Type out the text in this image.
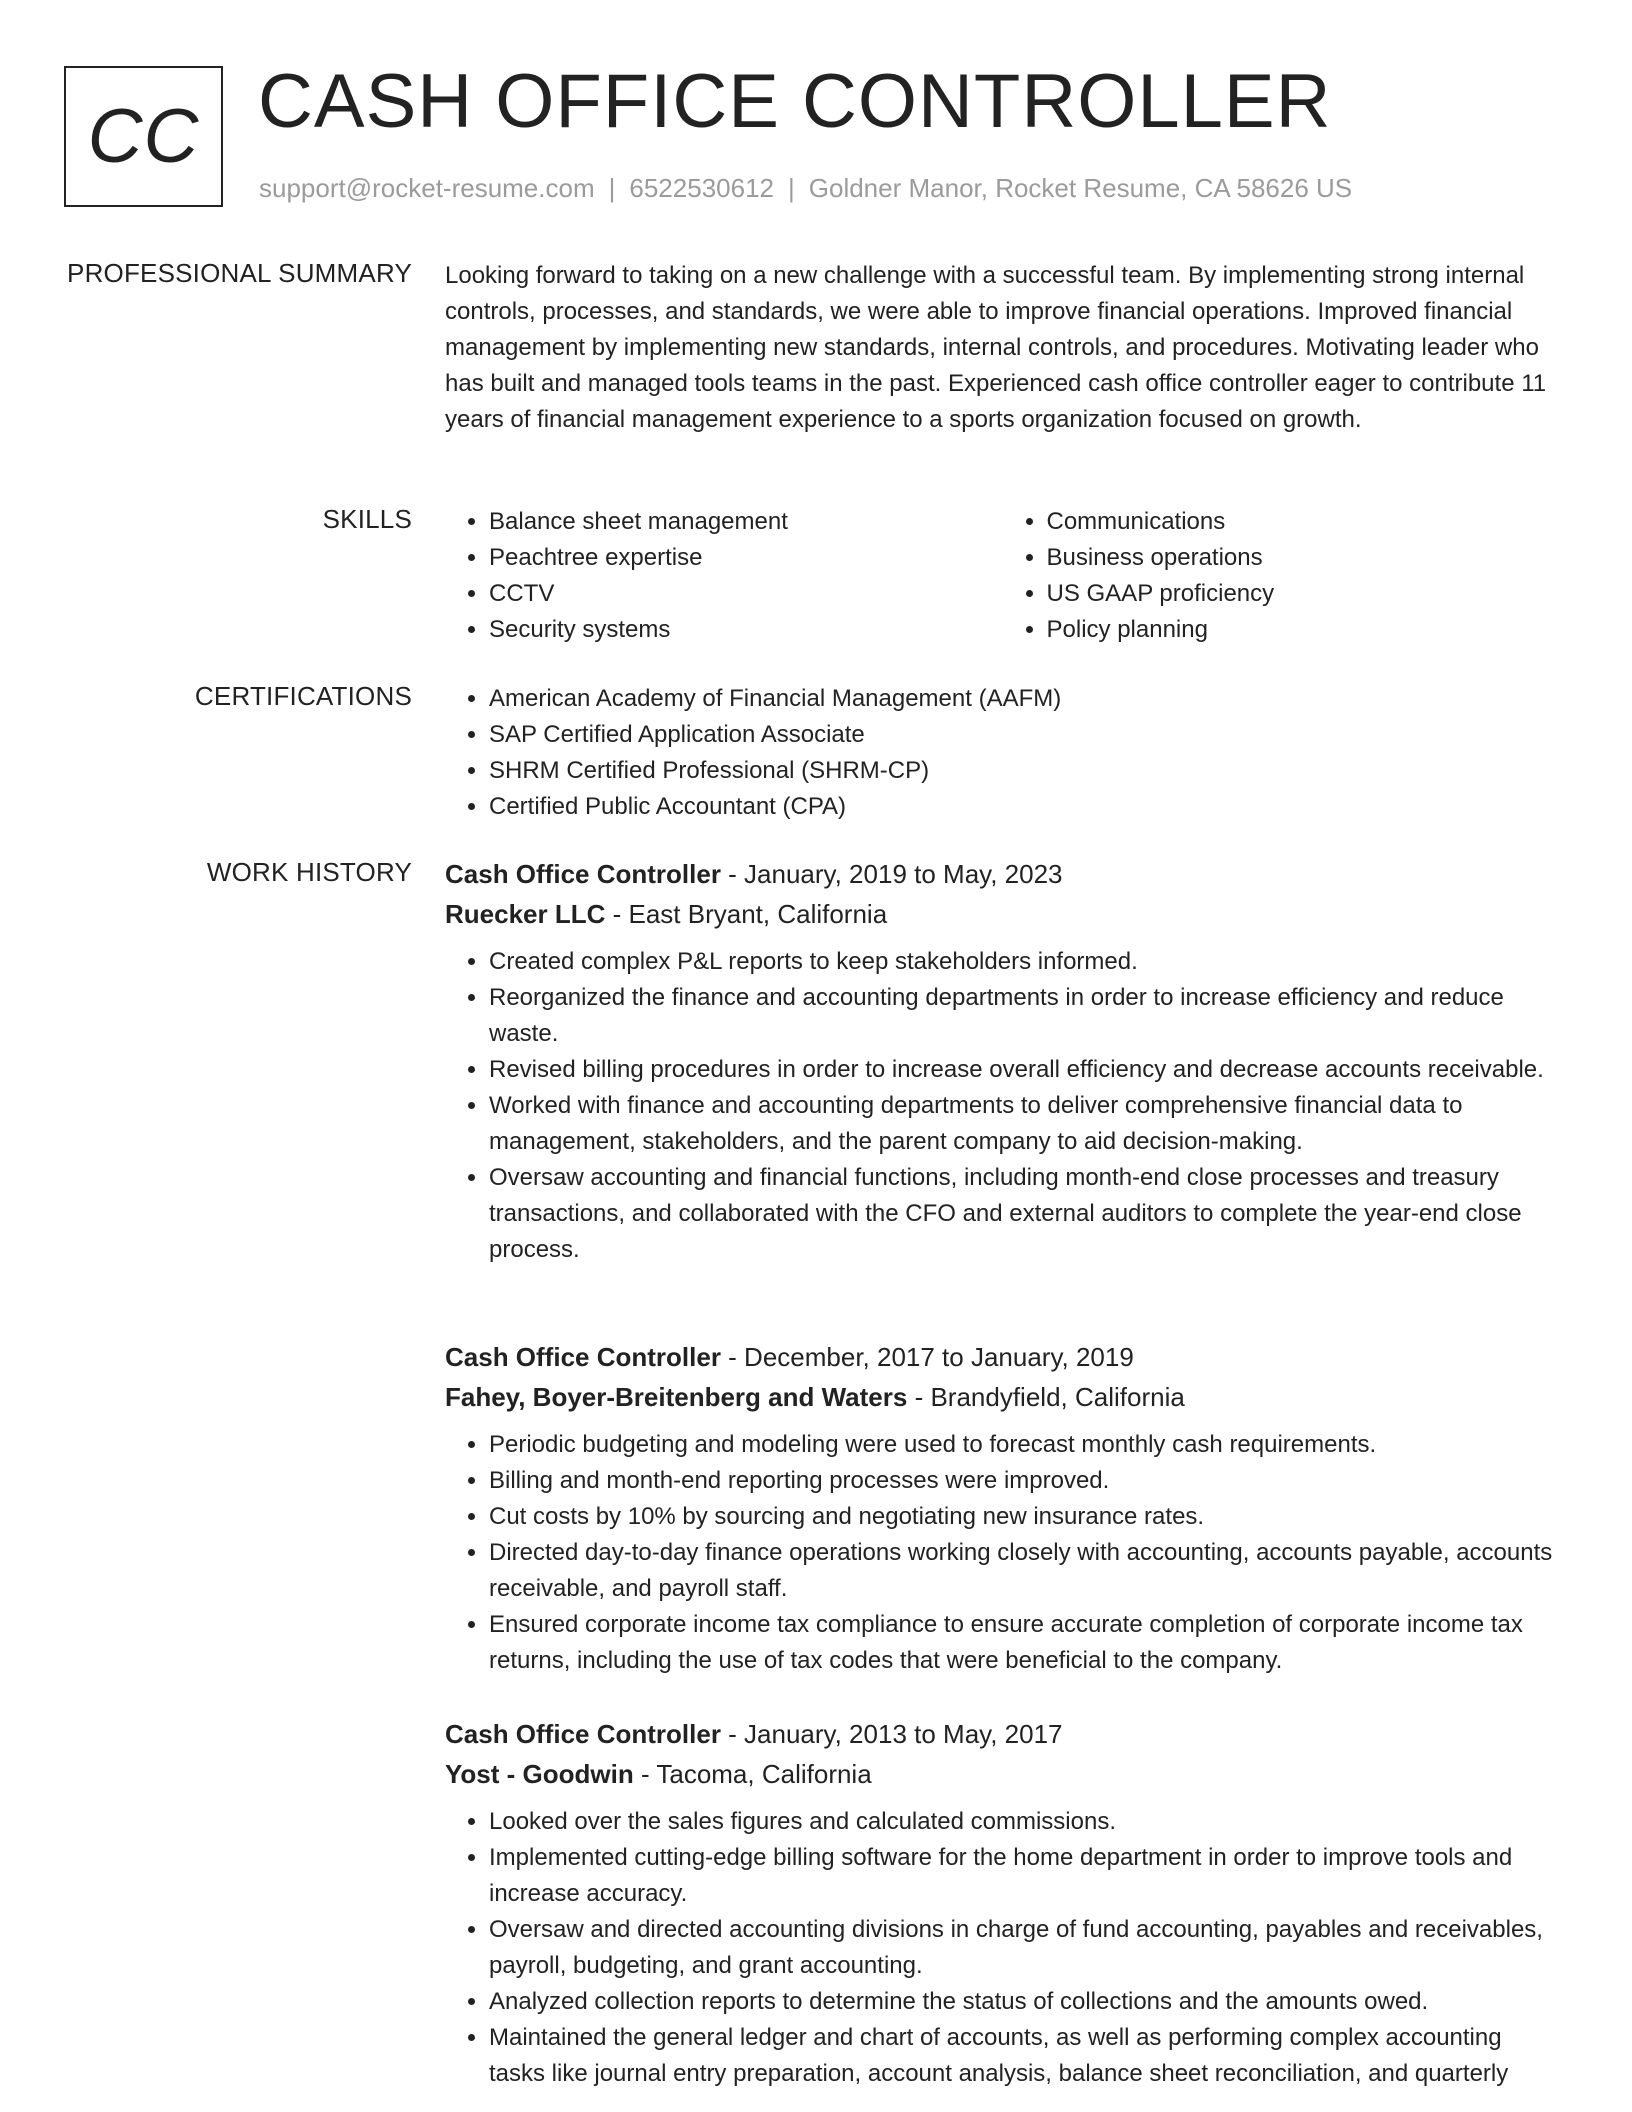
CC CASH OFFICE CONTROLLER
support@rocket-resume.com | 6522530612 | Goldner Manor, Rocket Resume, CA 58626 US
PROFESSIONAL SUMMARY Looking forward to taking on a new challenge with a successful team. By implementing strong internal controls, processes, and standards, we were able to improve financial operations. Improved financial management by implementing new standards, internal controls, and procedures. Motivating leader who has built and managed tools teams in the past. Experienced cash office controller eager to contribute 11 years of financial management experience to a sports organization focused on growth.

SKILLS	• Balance sheet management
• Peachtree expertise
• CCTV
• Security systems
• Communications
• Business operations
• US GAAP proficiency
• Policy planning
CERTIFICATIONS	• American Academy of Financial Management (AAFM)
• SAP Certified Application Associate
• SHRM Certified Professional (SHRM-CP)
• Certified Public Accountant (CPA)
WORK HISTORY Cash Office Controller - January, 2019 to May, 2023
Ruecker LLC - East Bryant, California
• Created complex P&L reports to keep stakeholders informed.
• Reorganized the finance and accounting departments in order to increase efficiency and reduce waste.
• Revised billing procedures in order to increase overall efficiency and decrease accounts receivable.
• Worked with finance and accounting departments to deliver comprehensive financial data to management, stakeholders, and the parent company to aid decision-making.
• Oversaw accounting and financial functions, including month-end close processes and treasury transactions, and collaborated with the CFO and external auditors to complete the year-end close process.
Cash Office Controller - December, 2017 to January, 2019
Fahey, Boyer-Breitenberg and Waters - Brandyfield, California
• Periodic budgeting and modeling were used to forecast monthly cash requirements.
• Billing and month-end reporting processes were improved.
• Cut costs by 10% by sourcing and negotiating new insurance rates.
• Directed day-to-day finance operations working closely with accounting, accounts payable, accounts receivable, and payroll staff.
• Ensured corporate income tax compliance to ensure accurate completion of corporate income tax returns, including the use of tax codes that were beneficial to the company.
Cash Office Controller - January, 2013 to May, 2017
Yost - Goodwin - Tacoma, California
• Looked over the sales figures and calculated commissions.
• Implemented cutting-edge billing software for the home department in order to improve tools and increase accuracy.
• Oversaw and directed accounting divisions in charge of fund accounting, payables and receivables, payroll, budgeting, and grant accounting.
• Analyzed collection reports to determine the status of collections and the amounts owed.
• Maintained the general ledger and chart of accounts, as well as performing complex accounting tasks like journal entry preparation, account analysis, balance sheet reconciliation, and quarterly
